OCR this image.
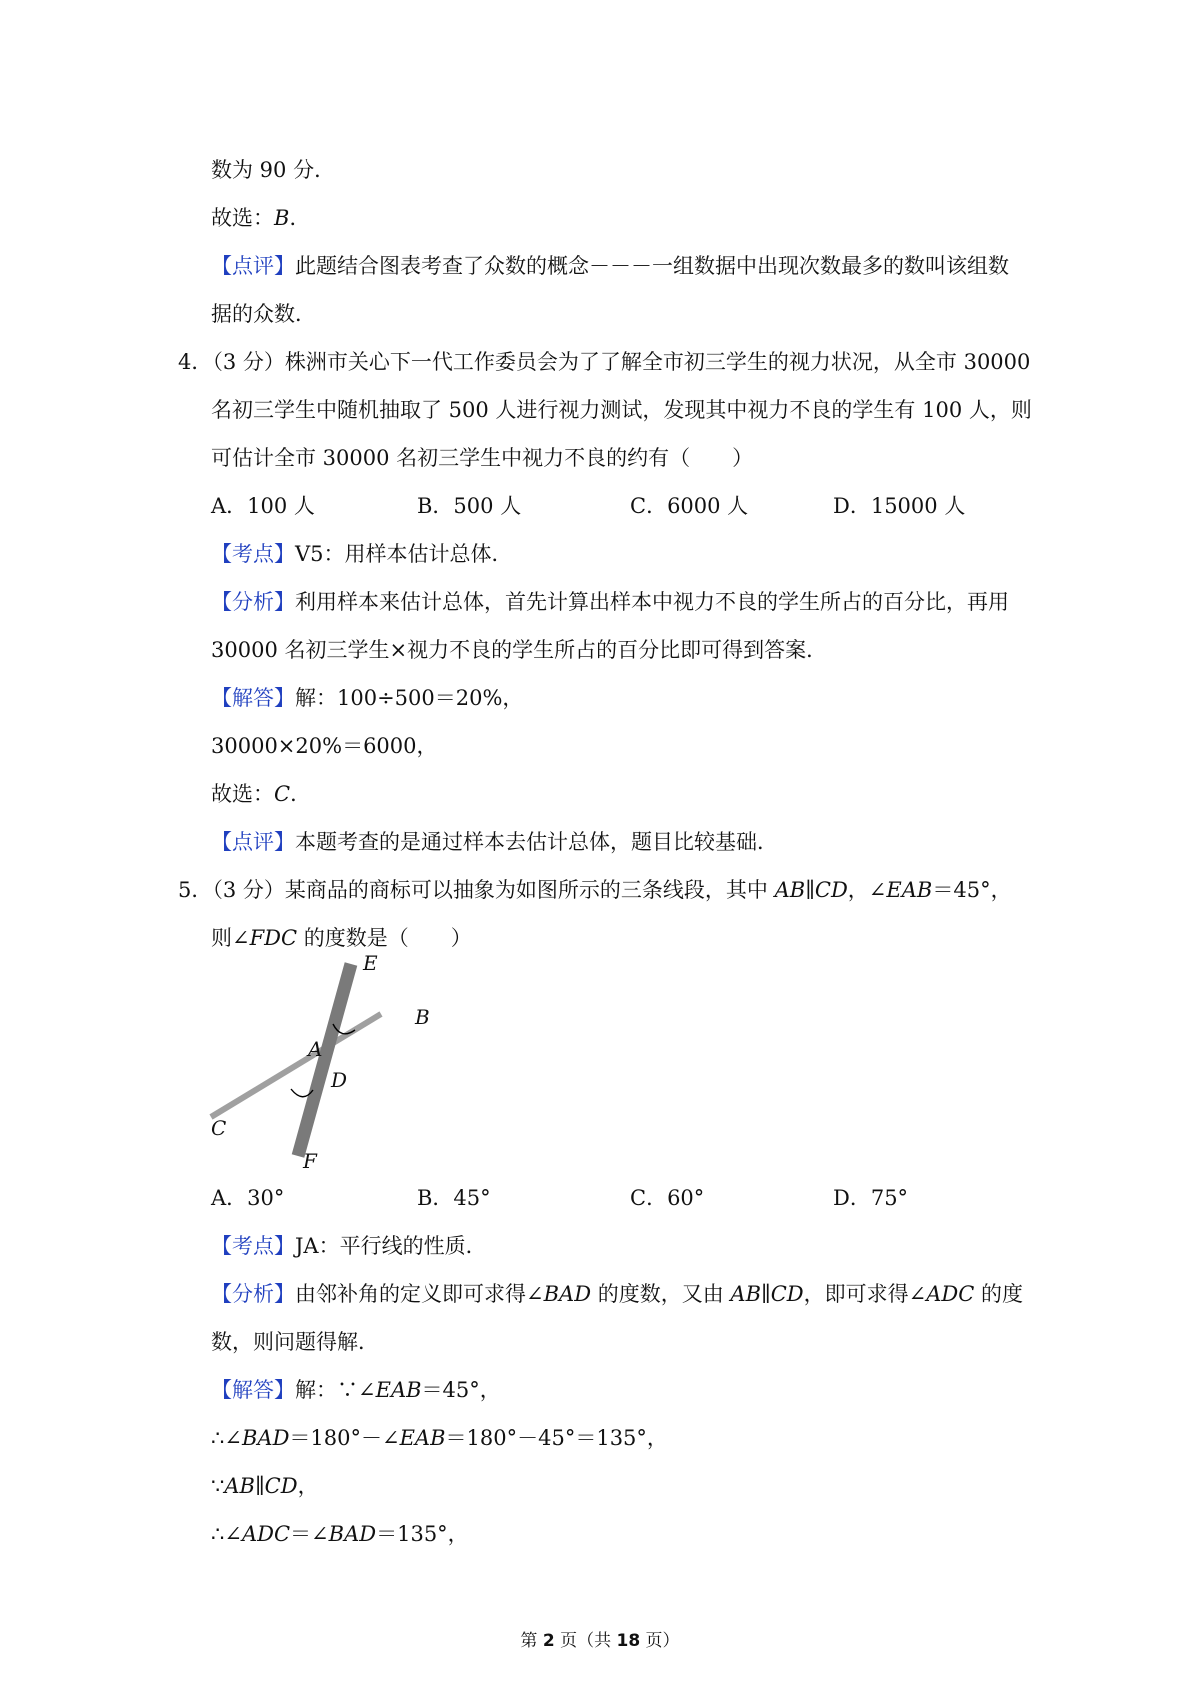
数为 90 分．
故选：B．
【点评】此题结合图表考查了众数的概念－－－一组数据中出现次数最多的数叫该组数
据的众数．
4．（3 分）株洲市关心下一代工作委员会为了了解全市初三学生的视力状况，从全市 30000
名初三学生中随机抽取了 500 人进行视力测试，发现其中视力不良的学生有 100 人，则
可估计全市 30000 名初三学生中视力不良的约有（　　）
A．100 人	B．500 人	C．6000 人	D．15000 人
【考点】V5：用样本估计总体．
【分析】利用样本来估计总体，首先计算出样本中视力不良的学生所占的百分比，再用
30000 名初三学生×视力不良的学生所占的百分比即可得到答案．
【解答】解：100÷500＝20%，
30000×20%＝6000，
故选：C．
【点评】本题考查的是通过样本去估计总体，题目比较基础．
5．（3 分）某商品的商标可以抽象为如图所示的三条线段，其中 AB∥CD，∠EAB＝45°，
则∠FDC 的度数是（　　）
E
B
A
D
C
F
A．30°	B．45°	C．60°	D．75°
【考点】JA：平行线的性质．
【分析】由邻补角的定义即可求得∠BAD 的度数，又由 AB∥CD，即可求得∠ADC 的度
数，则问题得解．
【解答】解：∵∠EAB＝45°，
∴∠BAD＝180°－∠EAB＝180°－45°＝135°，
∵AB∥CD，
∴∠ADC＝∠BAD＝135°，
第 2 页（共 18 页）
